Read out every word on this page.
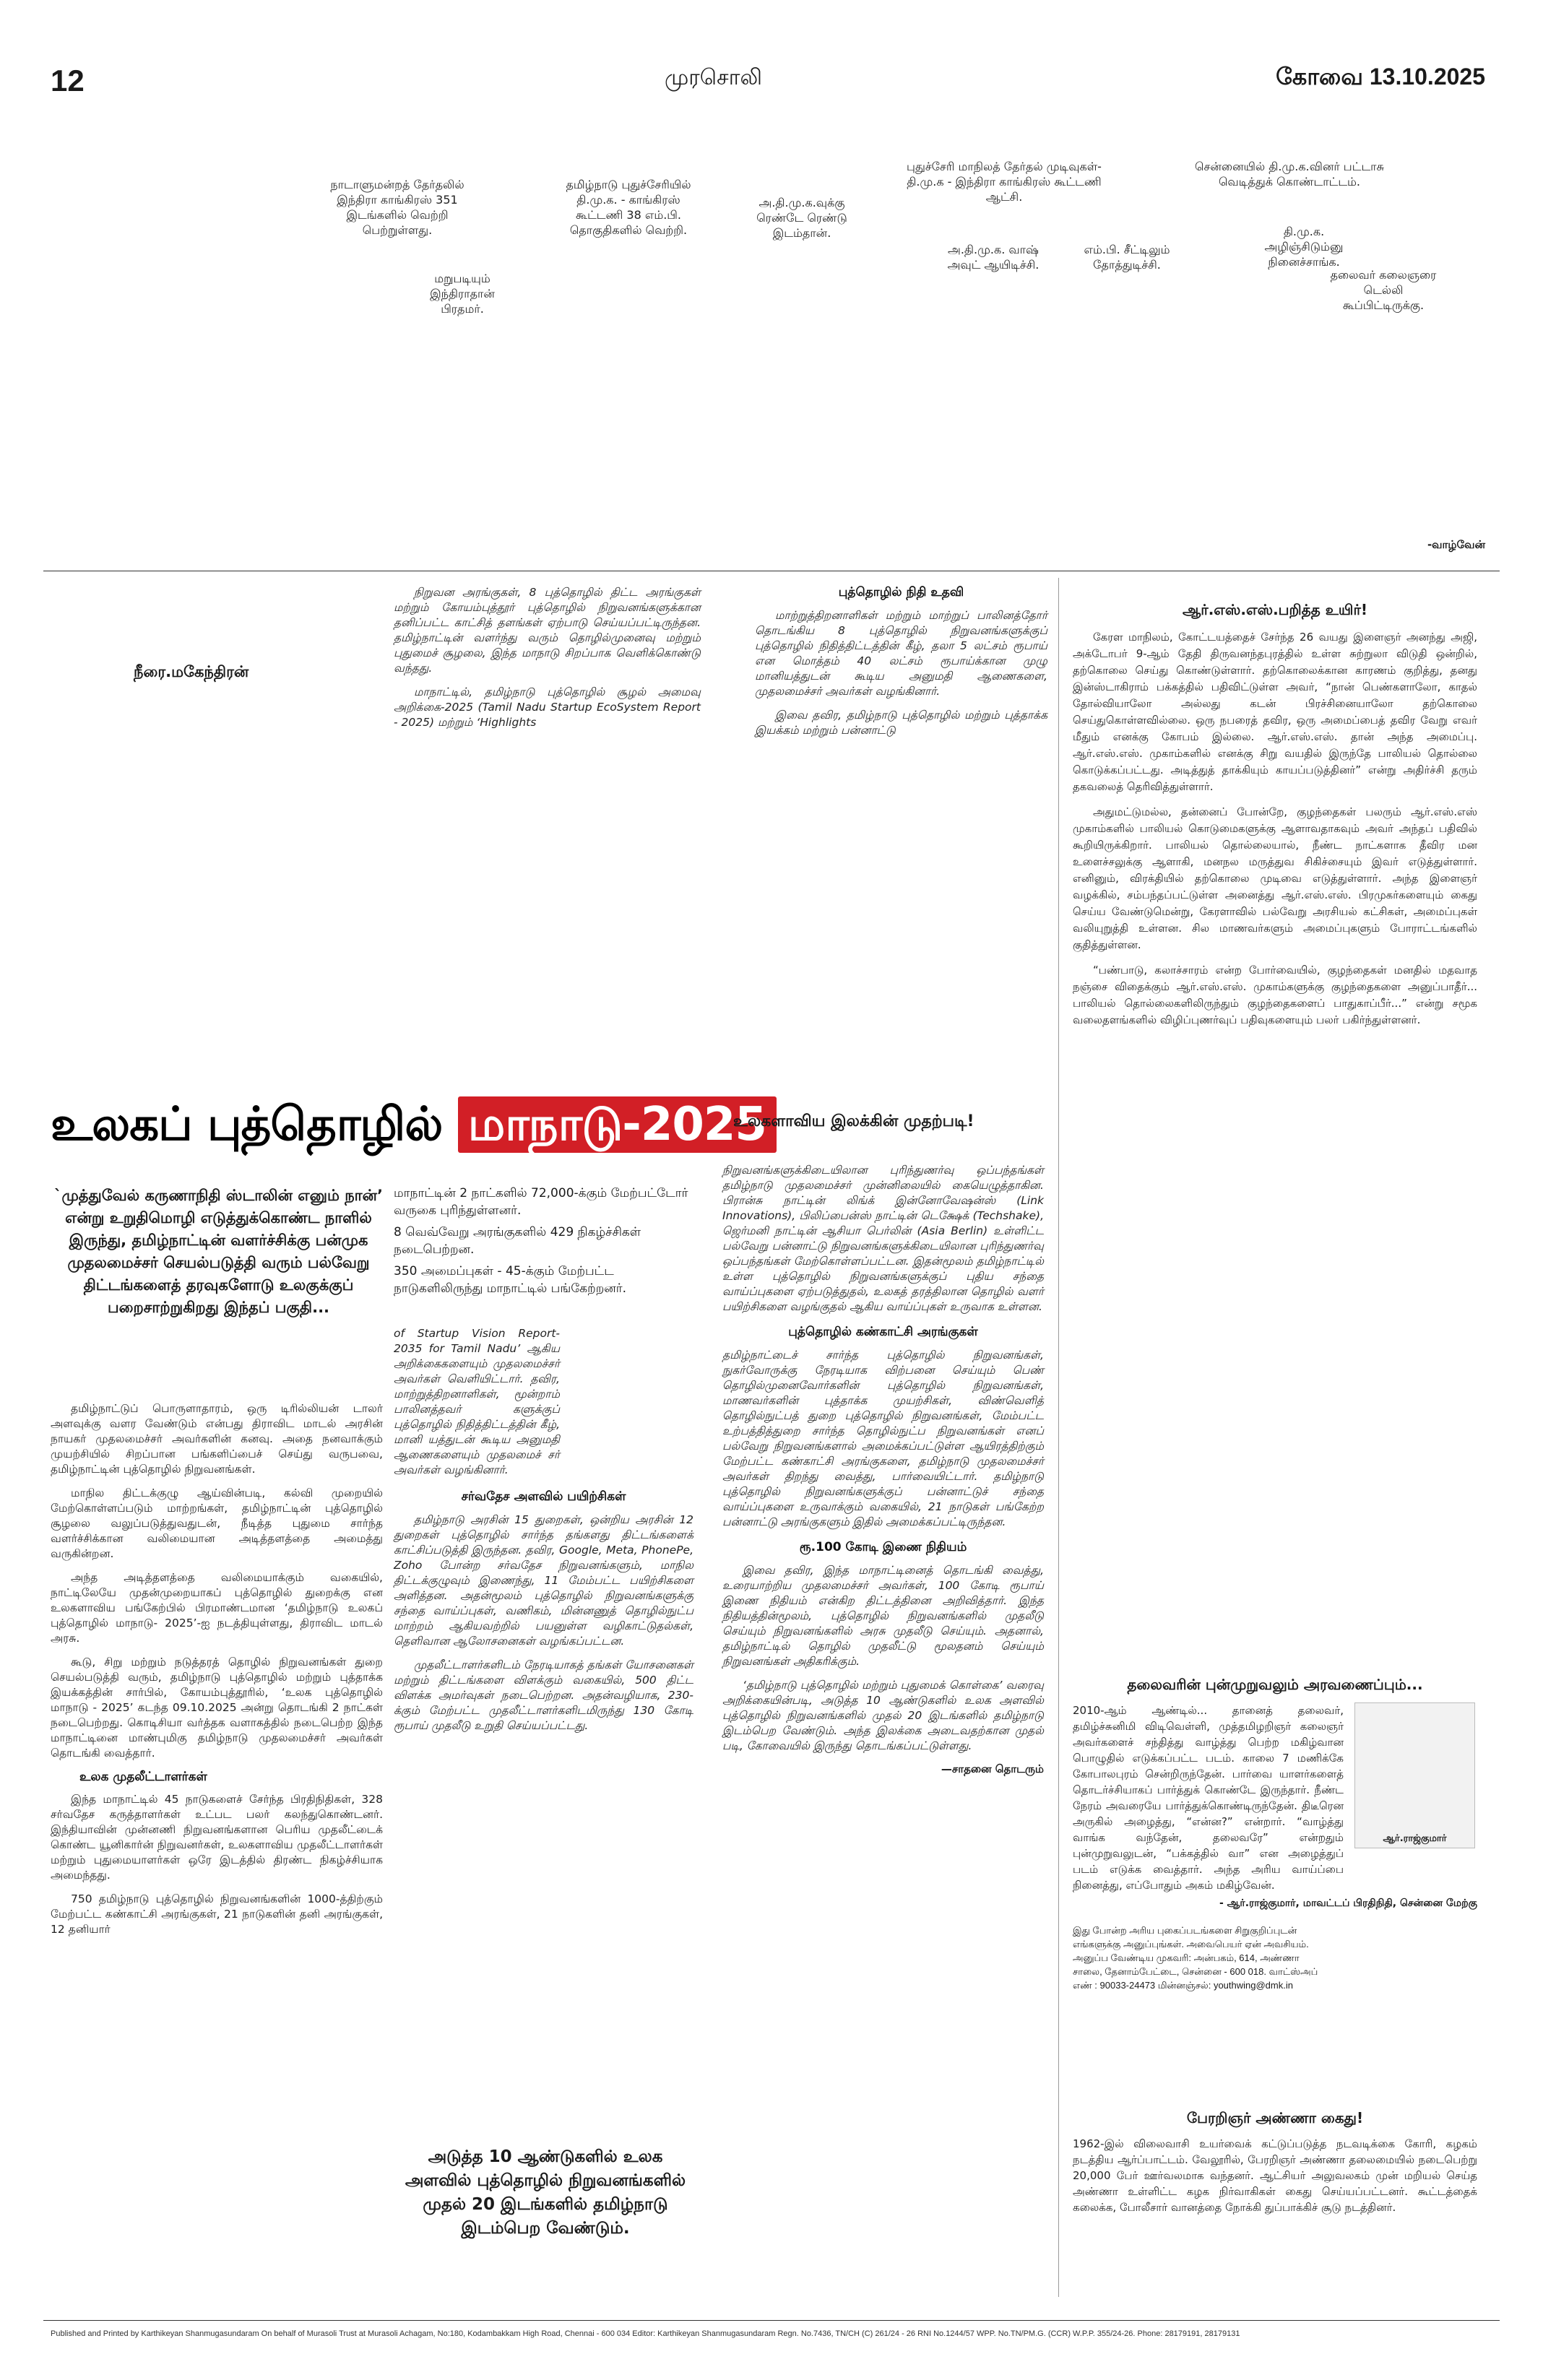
12	முரசொலி	கோவை 13.10.2025
நாடாளுமன்றத் தேர்தலில் இந்திரா காங்கிரஸ் 351 இடங்களில் வெற்றி பெற்றுள்ளது.
மறுபடியும் இந்திராதான் பிரதமர்.
தமிழ்நாடு புதுச்சேரியில் தி.மு.க. - காங்கிரஸ் கூட்டணி 38 எம்.பி. தொகுதிகளில் வெற்றி.
அ.தி.மு.க.வுக்கு ரெண்டே ரெண்டு இடம்தான்.
புதுச்சேரி மாநிலத் தேர்தல் முடிவுகள்- தி.மு.க - இந்திரா காங்கிரஸ் கூட்டணி ஆட்சி.
அ.தி.மு.க. வாஷ் அவுட் ஆயிடிச்சி.
எம்.பி. சீட்டிலும் தோத்துடிச்சி.
சென்னையில் தி.மு.க.வினர் பட்டாசு வெடித்துக் கொண்டாட்டம்.
தி.மு.க. அழிஞ்சிடும்னு நினைச்சாங்க.
தலைவர் கலைஞரை டெல்லி கூப்பிட்டிருக்கு.
-வாழ்வேன்
நீரை.மகேந்திரன்

நிறுவன அரங்குகள், 8 புத்தொழில் திட்ட அரங்குகள் மற்றும் கோயம்புத்தூர் புத்தொழில் நிறுவனங்களுக்கான தனிப்பட்ட காட்சித் தளங்கள் ஏற்பாடு செய்யப்பட்டிருந்தன. தமிழ்நாட்டின் வளர்ந்து வரும் தொழில்முனைவு மற்றும் புதுமைச் சூழலை, இந்த மாநாடு சிறப்பாக வெளிக்கொண்டு வந்தது.

மாநாட்டில், தமிழ்நாடு புத்தொழில் சூழல் அமைவு அறிக்கை-2025 (Tamil Nadu Startup EcoSystem Report - 2025) மற்றும் ‘Highlights

புத்தொழில் நிதி உதவி

மாற்றுத்திறனாளிகள் மற்றும் மாற்றுப் பாலினத்தோர் தொடங்கிய 8 புத்தொழில் நிறுவனங்களுக்குப் புத்தொழில் நிதித்திட்டத்தின் கீழ், தலா 5 லட்சம் ரூபாய் என மொத்தம் 40 லட்சம் ரூபாய்க்கான முழு மானியத்துடன் கூடிய அனுமதி ஆணைகளை, முதலமைச்சர் அவர்கள் வழங்கினார்.

இவை தவிர, தமிழ்நாடு புத்தொழில் மற்றும் புத்தாக்க இயக்கம் மற்றும் பன்னாட்டு

உலகப் புத்தொழில் மாநாடு-2025
உலகளாவிய இலக்கின் முதற்படி!
`முத்துவேல் கருணாநிதி ஸ்டாலின் எனும் நான்’ என்று உறுதிமொழி எடுத்துக்கொண்ட நாளில் இருந்து, தமிழ்நாட்டின் வளர்ச்சிக்கு பன்முக முதலமைச்சர் செயல்படுத்தி வரும் பல்வேறு திட்டங்களைத் தரவுகளோடு உலகுக்குப் பறைசாற்றுகிறது இந்தப் பகுதி...

தமிழ்நாட்டுப் பொருளாதாரம், ஒரு டிரில்லியன் டாலர் அளவுக்கு வளர வேண்டும் என்பது திராவிட மாடல் அரசின் நாயகர் முதலமைச்சர் அவர்களின் கனவு. அதை நனவாக்கும் முயற்சியில் சிறப்பான பங்களிப்பைச் செய்து வருபவை, தமிழ்நாட்டின் புத்தொழில் நிறுவனங்கள்.

மாநில திட்டக்குழு ஆய்வின்படி, கல்வி முறையில் மேற்கொள்ளப்படும் மாற்றங்கள், தமிழ்நாட்டின் புத்தொழில் சூழலை வலுப்படுத்துவதுடன், நீடித்த புதுமை சார்ந்த வளர்ச்சிக்கான வலிமையான அடித்தளத்தை அமைத்து வருகின்றன.

அந்த அடித்தளத்தை வலிமையாக்கும் வகையில், நாட்டிலேயே முதன்முறையாகப் புத்தொழில் துறைக்கு என உலகளாவிய பங்கேற்பில் பிரமாண்டமான ‘தமிழ்நாடு உலகப் புத்தொழில் மாநாடு- 2025’-ஐ நடத்தியுள்ளது, திராவிட மாடல் அரசு.

கூடு, சிறு மற்றும் நடுத்தரத் தொழில் நிறுவனங்கள் துறை செயல்படுத்தி வரும், தமிழ்நாடு புத்தொழில் மற்றும் புத்தாக்க இயக்கத்தின் சார்பில், கோயம்புத்தூரில், ‘உலக புத்தொழில் மாநாடு - 2025’ கடந்த 09.10.2025 அன்று தொடங்கி 2 நாட்கள் நடைபெற்றது. கொடிசியா வர்த்தக வளாகத்தில் நடைபெற்ற இந்த மாநாட்டினை மாண்புமிகு தமிழ்நாடு முதலமைச்சர் அவர்கள் தொடங்கி வைத்தார்.

உலக முதலீட்டாளர்கள்

இந்த மாநாட்டில் 45 நாடுகளைச் சேர்ந்த பிரதிநிதிகள், 328 சர்வதேச கருத்தாளர்கள் உட்பட பலர் கலந்துகொண்டனர். இந்தியாவின் முன்னணி நிறுவனங்களான பெரிய முதலீட்டைக் கொண்ட யூனிகார்ன் நிறுவனர்கள், உலகளாவிய முதலீட்டாளர்கள் மற்றும் புதுமையாளர்கள் ஒரே இடத்தில் திரண்ட நிகழ்ச்சியாக அமைந்தது.

750 தமிழ்நாடு புத்தொழில் நிறுவனங்களின் 1000-த்திற்கும் மேற்பட்ட கண்காட்சி அரங்குகள், 21 நாடுகளின் தனி அரங்குகள், 12 தனியார்

மாநாட்டின் 2 நாட்களில் 72,000-க்கும் மேற்பட்டோர் வருகை புரிந்துள்ளனர்.
8 வெவ்வேறு அரங்குகளில் 429 நிகழ்ச்சிகள் நடைபெற்றன.
350 அமைப்புகள் - 45-க்கும் மேற்பட்ட நாடுகளிலிருந்து மாநாட்டில் பங்கேற்றனர்.
of Startup Vision Report- 2035 for Tamil Nadu’ ஆகிய அறிக்கைகளையும் முதலமைச்சர் அவர்கள் வெளியிட்டார். தவிர, மாற்றுத்திறனாளிகள், மூன்றாம் பாலினத்தவர் களுக்குப் புத்தொழில் நிதித்திட்டத்தின் கீழ், மானி யத்துடன் கூடிய அனுமதி ஆணைகளையும் முதலமைச் சர் அவர்கள் வழங்கினார்.
சர்வதேச அளவில் பயிற்சிகள்

தமிழ்நாடு அரசின் 15 துறைகள், ஒன்றிய அரசின் 12 துறைகள் புத்தொழில் சார்ந்த தங்களது திட்டங்களைக் காட்சிப்படுத்தி இருந்தன. தவிர, Google, Meta, PhonePe, Zoho போன்ற சர்வதேச நிறுவனங்களும், மாநில திட்டக்குழுவும் இணைந்து, 11 மேம்பட்ட பயிற்சிகளை அளித்தன. அதன்மூலம் புத்தொழில் நிறுவனங்களுக்கு சந்தை வாய்ப்புகள், வணிகம், மின்னணுத் தொழில்நுட்ப மாற்றம் ஆகியவற்றில் பயனுள்ள வழிகாட்டுதல்கள், தெளிவான ஆலோசனைகள் வழங்கப்பட்டன.

முதலீட்டாளர்களிடம் நேரடியாகத் தங்கள் யோசனைகள் மற்றும் திட்டங்களை விளக்கும் வகையில், 500 திட்ட விளக்க அமர்வுகள் நடைபெற்றன. அதன்வழியாக, 230-க்கும் மேற்பட்ட முதலீட்டாளர்களிடமிருந்து 130 கோடி ரூபாய் முதலீடு உறுதி செய்யப்பட்டது.

அடுத்த 10 ஆண்டுகளில் உலக அளவில் புத்தொழில் நிறுவனங்களில் முதல் 20 இடங்களில் தமிழ்நாடு இடம்பெற வேண்டும்.
நிறுவனங்களுக்கிடையிலான புரிந்துணர்வு ஒப்பந்தங்கள் தமிழ்நாடு முதலமைச்சர் முன்னிலையில் கையெழுத்தாகின. பிரான்சு நாட்டின் லிங்க் இன்னோவேஷன்ஸ் (Link Innovations), பிலிப்பைன்ஸ் நாட்டின் டெக்ஷேக் (Techshake), ஜெர்மனி நாட்டின் ஆசியா பெர்லின் (Asia Berlin) உள்ளிட்ட பல்வேறு பன்னாட்டு நிறுவனங்களுக்கிடையிலான புரிந்துணர்வு ஒப்பந்தங்கள் மேற்கொள்ளப்பட்டன. இதன்மூலம் தமிழ்நாட்டில் உள்ள புத்தொழில் நிறுவனங்களுக்குப் புதிய சந்தை வாய்ப்புகளை ஏற்படுத்துதல், உலகத் தரத்திலான தொழில் வளர் பயிற்சிகளை வழங்குதல் ஆகிய வாய்ப்புகள் உருவாக உள்ளன.
புத்தொழில் கண்காட்சி அரங்குகள்
தமிழ்நாட்டைச் சார்ந்த புத்தொழில் நிறுவனங்கள், நுகர்வோருக்கு நேரடியாக விற்பனை செய்யும் பெண் தொழில்முனைவோர்களின் புத்தொழில் நிறுவனங்கள், மாணவர்களின் புத்தாக்க முயற்சிகள், விண்வெளித் தொழில்நுட்பத் துறை புத்தொழில் நிறுவனங்கள், மேம்பட்ட உற்பத்தித்துறை சார்ந்த தொழில்நுட்ப நிறுவனங்கள் எனப் பல்வேறு நிறுவனங்களால் அமைக்கப்பட்டுள்ள ஆயிரத்திற்கும் மேற்பட்ட கண்காட்சி அரங்குகளை, தமிழ்நாடு முதலமைச்சர் அவர்கள் திறந்து வைத்து, பார்வையிட்டார். தமிழ்நாடு புத்தொழில் நிறுவனங்களுக்குப் பன்னாட்டுச் சந்தை வாய்ப்புகளை உருவாக்கும் வகையில், 21 நாடுகள் பங்கேற்ற பன்னாட்டு அரங்குகளும் இதில் அமைக்கப்பட்டிருந்தன.
ரூ.100 கோடி இணை நிதியம்

இவை தவிர, இந்த மாநாட்டினைத் தொடங்கி வைத்து, உரையாற்றிய முதலமைச்சர் அவர்கள், 100 கோடி ரூபாய் இணை நிதியம் என்கிற திட்டத்தினை அறிவித்தார். இந்த நிதியத்தின்மூலம், புத்தொழில் நிறுவனங்களில் முதலீடு செய்யும் நிறுவனங்களில் அரசு முதலீடு செய்யும். அதனால், தமிழ்நாட்டில் தொழில் முதலீட்டு மூலதனம் செய்யும் நிறுவனங்கள் அதிகரிக்கும்.

‘தமிழ்நாடு புத்தொழில் மற்றும் புதுமைக் கொள்கை’ வரைவு அறிக்கையின்படி, அடுத்த 10 ஆண்டுகளில் உலக அளவில் புத்தொழில் நிறுவனங்களில் முதல் 20 இடங்களில் தமிழ்நாடு இடம்பெற வேண்டும். அந்த இலக்கை அடைவதற்கான முதல் படி, கோவையில் இருந்து தொடங்கப்பட்டுள்ளது.

—சாதனை தொடரும்
ஆர்.எஸ்.எஸ்.பறித்த உயிர்!

கேரள மாநிலம், கோட்டயத்தைச் சேர்ந்த 26 வயது இளைஞர் அனந்து அஜி, அக்டோபர் 9-ஆம் தேதி திருவனந்தபுரத்தில் உள்ள சுற்றுலா விடுதி ஒன்றில், தற்கொலை செய்து கொண்டுள்ளார். தற்கொலைக்கான காரணம் குறித்து, தனது இன்ஸ்டாகிராம் பக்கத்தில் பதிவிட்டுள்ள அவர், “நான் பெண்களாலோ, காதல் தோல்வியாலோ அல்லது கடன் பிரச்சினையாலோ தற்கொலை செய்துகொள்ளவில்லை. ஒரு நபரைத் தவிர, ஒரு அமைப்பைத் தவிர வேறு எவர் மீதும் எனக்கு கோபம் இல்லை. ஆர்.எஸ்.எஸ். தான் அந்த அமைப்பு. ஆர்.எஸ்.எஸ். முகாம்களில் எனக்கு சிறு வயதில் இருந்தே பாலியல் தொல்லை கொடுக்கப்பட்டது. அடித்துத் தாக்கியும் காயப்படுத்தினர்” என்று அதிர்ச்சி தரும் தகவலைத் தெரிவித்துள்ளார்.

அதுமட்டுமல்ல, தன்னைப் போன்றே, குழந்தைகள் பலரும் ஆர்.எஸ்.எஸ் முகாம்களில் பாலியல் கொடுமைகளுக்கு ஆளாவதாகவும் அவர் அந்தப் பதிவில் கூறியிருக்கிறார். பாலியல் தொல்லையால், நீண்ட நாட்களாக தீவிர மன உளைச்சலுக்கு ஆளாகி, மனநல மருத்துவ சிகிச்சையும் இவர் எடுத்துள்ளார். எனினும், விரக்தியில் தற்கொலை முடிவை எடுத்துள்ளார். அந்த இளைஞர் வழக்கில், சம்பந்தப்பட்டுள்ள அனைத்து ஆர்.எஸ்.எஸ். பிரமுகர்களையும் கைது செய்ய வேண்டுமென்று, கேரளாவில் பல்வேறு அரசியல் கட்சிகள், அமைப்புகள் வலியுறுத்தி உள்ளன. சில மாணவர்களும் அமைப்புகளும் போராட்டங்களில் குதித்துள்ளன.

“பண்பாடு, கலாச்சாரம் என்ற போர்வையில், குழந்தைகள் மனதில் மதவாத நஞ்சை விதைக்கும் ஆர்.எஸ்.எஸ். முகாம்களுக்கு குழந்தைகளை அனுப்பாதீர்... பாலியல் தொல்லைகளிலிருந்தும் குழந்தைகளைப் பாதுகாப்பீர்...” என்று சமூக வலைதளங்களில் விழிப்புணர்வுப் பதிவுகளையும் பலர் பகிர்ந்துள்ளனர்.

தலைவரின் புன்முறுவலும் அரவணைப்பும்...
2010-ஆம் ஆண்டில்... தானைத் தலைவர், தமிழ்ச்சுனிமி விடிவெள்ளி, முத்தமிழறிஞர் கலைஞர் அவர்களைச் சந்தித்து வாழ்த்து பெற்ற மகிழ்வான பொழுதில் எடுக்கப்பட்ட படம். காலை 7 மணிக்கே கோபாலபுரம் சென்றிருந்தேன். பார்வை யாளர்களைத் தொடர்ச்சியாகப் பார்த்துக் கொண்டே இருந்தார். நீண்ட நேரம் அவரையே பார்த்துக்கொண்டிருந்தேன். திடீரென அருகில் அழைத்து, “என்ன?” என்றார். “வாழ்த்து வாங்க வந்தேன், தலைவரே” என்றதும் புன்முறுவலுடன், “பக்கத்தில் வா” என அழைத்துப் படம் எடுக்க வைத்தார். அந்த அரிய வாய்ப்பை நினைத்து, எப்போதும் அகம் மகிழ்வேன்.
ஆர்.ராஜ்குமார்
- ஆர்.ராஜ்குமார், மாவட்டப் பிரதிநிதி, சென்னை மேற்கு
இது போன்ற அரிய புகைப்படங்களை சிறுகுறிப்புடன் எங்களுக்கு அனுப்புங்கள். அவைபெயர் ஏன் அவசியம். அனுப்ப வேண்டிய முகவரி: அன்பகம், 614, அண்ணா சாலை, தேனாம்பேட்டை, சென்னை - 600 018. வாட்ஸ்அப் எண் : 90033-24473 மின்னஞ்சல்: youthwing@dmk.in
பேரறிஞர் அண்ணா கைது!
1962-இல் விலைவாசி உயர்வைக் கட்டுப்படுத்த நடவடிக்கை கோரி, கழகம் நடத்திய ஆர்ப்பாட்டம். வேலூரில், பேரறிஞர் அண்ணா தலைமையில் நடைபெற்று 20,000 பேர் ஊர்வலமாக வந்தனர். ஆட்சியர் அலுவலகம் முன் மறியல் செய்த அண்ணா உள்ளிட்ட கழக நிர்வாகிகள் கைது செய்யப்பட்டனர். கூட்டத்தைக் கலைக்க, போலீசார் வானத்தை நோக்கி துப்பாக்கிச் சூடு நடத்தினர்.
Published and Printed by Karthikeyan Shanmugasundaram On behalf of Murasoli Trust at Murasoli Achagam, No:180, Kodambakkam High Road, Chennai - 600 034 Editor: Karthikeyan Shanmugasundaram Regn. No.7436, TN/CH (C) 261/24 - 26 RNI No.1244/57 WPP. No.TN/PM.G. (CCR) W.P.P. 355/24-26. Phone: 28179191, 28179131
